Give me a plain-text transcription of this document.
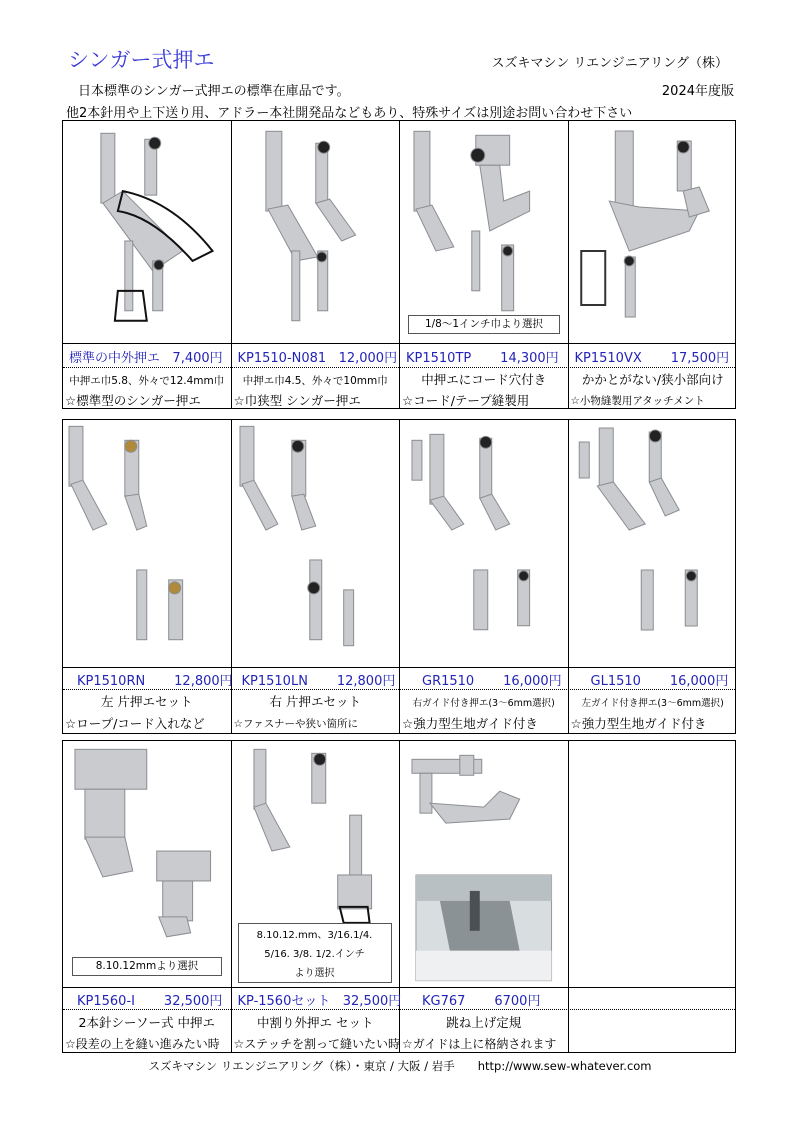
シンガー式押エ	スズキマシン リエンジニアリング（株）
日本標準のシンガー式押エの標準在庫品です。	2024年度版
他2本針用や上下送り用、アドラー本社開発品などもあり、特殊サイズは別途お問い合わせ下さい
標準の中外押エ 7,400円
中押エ巾5.8、外々で12.4mm巾
☆標準型のシンガー押エ
KP1510-N081 12,000円
中押エ巾4.5、外々で10mm巾
☆巾狭型 シンガー押エ
1/8～1インチ巾より選択
KP1510TP 14,300円
中押エにコード穴付き
☆コード/テープ縫製用
KP1510VX 17,500円
かかとがない/狭小部向け
☆小物縫製用アタッチメント
KP1510RN 12,800円
左 片押エセット
☆ロープ/コード入れなど
KP1510LN 12,800円
右 片押エセット
☆ファスナーや狭い箇所に
GR1510 16,000円
右ガイド付き押エ(3～6mm選択)
☆強力型生地ガイド付き
GL1510 16,000円
左ガイド付き押エ(3～6mm選択)
☆強力型生地ガイド付き
8.10.12mmより選択
KP1560-I 32,500円
2本針シーソー式 中押エ
☆段差の上を縫い進みたい時
8.10.12.mm、3/16.1/4.
5/16. 3/8. 1/2.インチ
より選択
KP-1560セット 32,500円
中割り外押エ セット
☆ステッチを割って縫いたい時
KG767 6700円
跳ね上げ定規
☆ガイドは上に格納されます
スズキマシン リエンジニアリング（株）・東京 / 大阪 / 岩手　　http://www.sew-whatever.com
